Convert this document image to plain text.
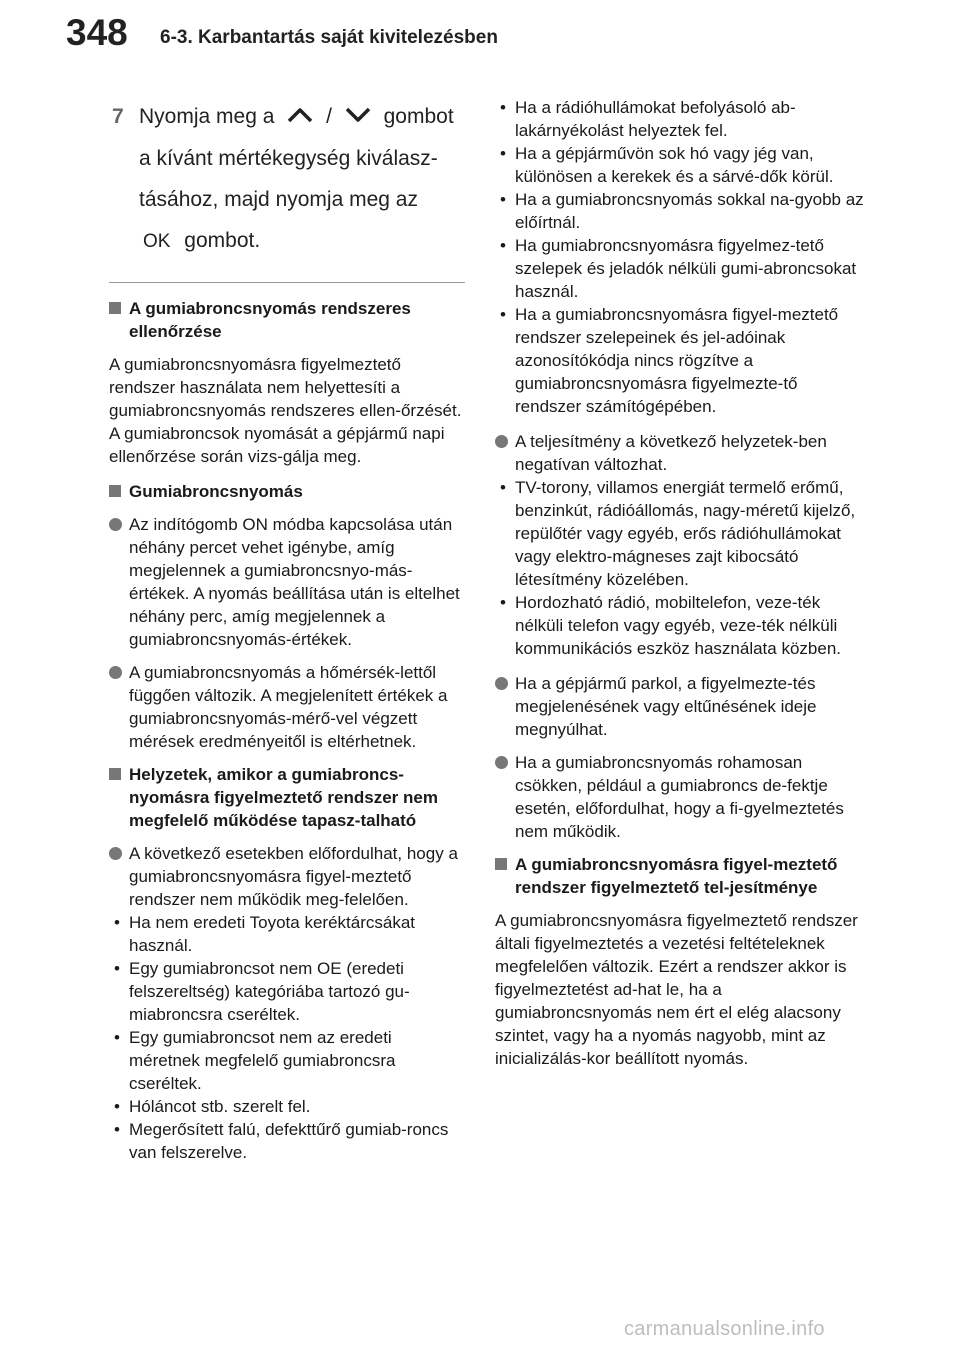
348 6-3. Karbantartás saját kivitelezésben
7 Nyomja meg a / gombot
a kívánt mértékegység kiválasz-
tásához, majd nyomja meg az
OK gombot.
A gumiabroncsnyomás rendszeres ellenőrzése
A gumiabroncsnyomásra figyelmeztető rendszer használata nem helyettesíti a gumiabroncsnyomás rendszeres ellen-őrzését. A gumiabroncsok nyomását a gépjármű napi ellenőrzése során vizs-gálja meg.
Gumiabroncsnyomás
Az indítógomb ON módba kapcsolása után néhány percet vehet igénybe, amíg megjelennek a gumiabroncsnyo-más-értékek. A nyomás beállítása után is eltelhet néhány perc, amíg megjelennek a gumiabroncsnyomás-értékek.
A gumiabroncsnyomás a hőmérsék-lettől függően változik. A megjelenített értékek a gumiabroncsnyomás-mérő-vel végzett mérések eredményeitől is eltérhetnek.
Helyzetek, amikor a gumiabroncs-nyomásra figyelmeztető rendszer nem megfelelő működése tapasz-talható
A következő esetekben előfordulhat, hogy a gumiabroncsnyomásra figyel-meztető rendszer nem működik meg-felelően.
• Ha nem eredeti Toyota keréktárcsákat használ.
• Egy gumiabroncsot nem OE (eredeti felszereltség) kategóriába tartozó gu-miabroncsra cseréltek.
• Egy gumiabroncsot nem az eredeti méretnek megfelelő gumiabroncsra cseréltek.
• Hóláncot stb. szerelt fel.
• Megerősített falú, defekttűrő gumiab-roncs van felszerelve.
• Ha a rádióhullámokat befolyásoló ab-lakárnyékolást helyeztek fel.
• Ha a gépjárművön sok hó vagy jég van, különösen a kerekek és a sárvé-dők körül.
• Ha a gumiabroncsnyomás sokkal na-gyobb az előírtnál.
• Ha gumiabroncsnyomásra figyelmez-tető szelepek és jeladók nélküli gumi-abroncsokat használ.
• Ha a gumiabroncsnyomásra figyel-meztető rendszer szelepeinek és jel-adóinak azonosítókódja nincs rögzítve a gumiabroncsnyomásra figyelmezte-tő rendszer számítógépében.
A teljesítmény a következő helyzetek-ben negatívan változhat.
• TV-torony, villamos energiát termelő erőmű, benzinkút, rádióállomás, nagy-méretű kijelző, repülőtér vagy egyéb, erős rádióhullámokat vagy elektro-mágneses zajt kibocsátó létesítmény közelében.
• Hordozható rádió, mobiltelefon, veze-ték nélküli telefon vagy egyéb, veze-ték nélküli kommunikációs eszköz használata közben.
Ha a gépjármű parkol, a figyelmezte-tés megjelenésének vagy eltűnésének ideje megnyúlhat.
Ha a gumiabroncsnyomás rohamosan csökken, például a gumiabroncs de-fektje esetén, előfordulhat, hogy a fi-gyelmeztetés nem működik.
A gumiabroncsnyomásra figyel-meztető rendszer figyelmeztető tel-jesítménye
A gumiabroncsnyomásra figyelmeztető rendszer általi figyelmeztetés a vezetési feltételeknek megfelelően változik. Ezért a rendszer akkor is figyelmeztetést ad-hat le, ha a gumiabroncsnyomás nem ért el elég alacsony szintet, vagy ha a nyomás nagyobb, mint az inicializálás-kor beállított nyomás.
carmanualsonline.info
